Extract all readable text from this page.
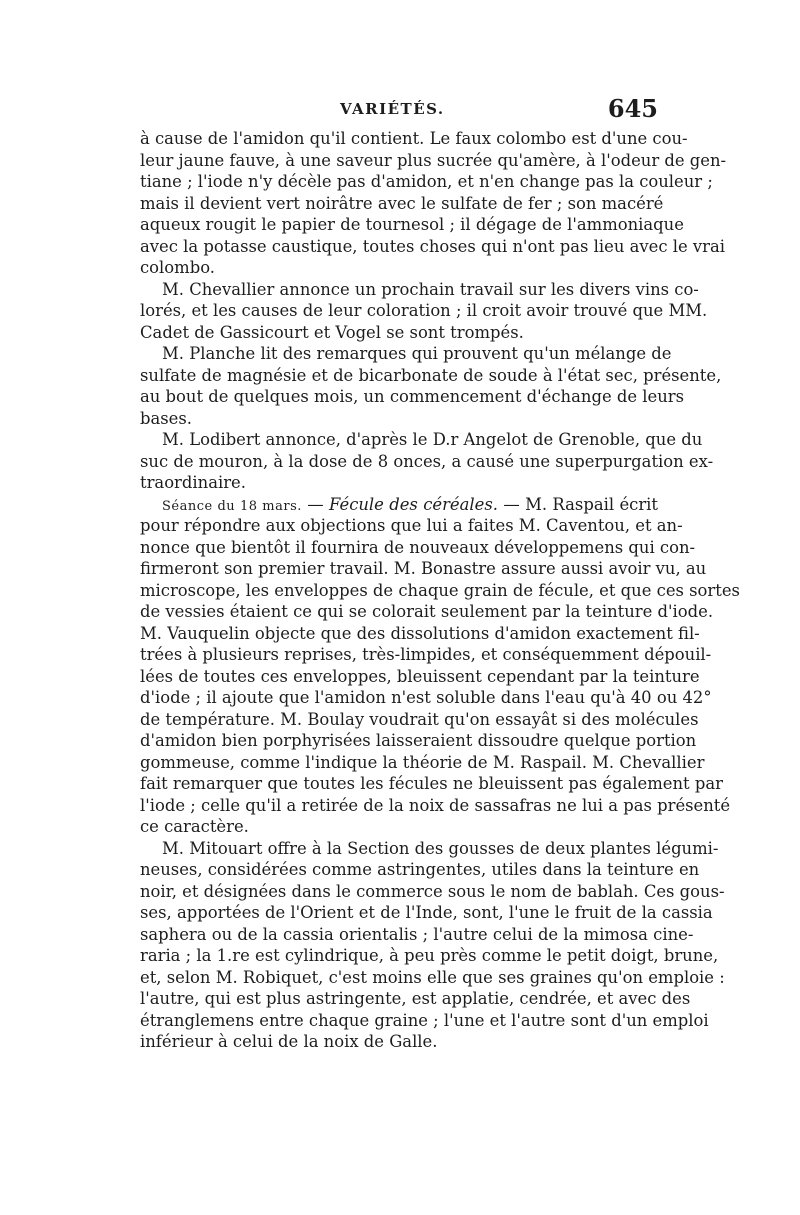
VARIÉTÉS.	645
à cause de l'amidon qu'il contient. Le faux colombo est d'une cou-
leur jaune fauve, à une saveur plus sucrée qu'amère, à l'odeur de gen-
tiane ; l'iode n'y décèle pas d'amidon, et n'en change pas la couleur ;
mais il devient vert noirâtre avec le sulfate de fer ; son macéré
aqueux rougit le papier de tournesol ; il dégage de l'ammoniaque
avec la potasse caustique, toutes choses qui n'ont pas lieu avec le vrai
colombo.
M. Chevallier annonce un prochain travail sur les divers vins co-
lorés, et les causes de leur coloration ; il croit avoir trouvé que MM.
Cadet de Gassicourt et Vogel se sont trompés.
M. Planche lit des remarques qui prouvent qu'un mélange de
sulfate de magnésie et de bicarbonate de soude à l'état sec, présente,
au bout de quelques mois, un commencement d'échange de leurs
bases.
M. Lodibert annonce, d'après le D.r Angelot de Grenoble, que du
suc de mouron, à la dose de 8 onces, a causé une superpurgation ex-
traordinaire.
Séance du 18 mars. — Fécule des céréales. — M. Raspail écrit
pour répondre aux objections que lui a faites M. Caventou, et an-
nonce que bientôt il fournira de nouveaux développemens qui con-
firmeront son premier travail. M. Bonastre assure aussi avoir vu, au
microscope, les enveloppes de chaque grain de fécule, et que ces sortes
de vessies étaient ce qui se colorait seulement par la teinture d'iode.
M. Vauquelin objecte que des dissolutions d'amidon exactement fil-
trées à plusieurs reprises, très-limpides, et conséquemment dépouil-
lées de toutes ces enveloppes, bleuissent cependant par la teinture
d'iode ; il ajoute que l'amidon n'est soluble dans l'eau qu'à 40 ou 42°
de température. M. Boulay voudrait qu'on essayât si des molécules
d'amidon bien porphyrisées laisseraient dissoudre quelque portion
gommeuse, comme l'indique la théorie de M. Raspail. M. Chevallier
fait remarquer que toutes les fécules ne bleuissent pas également par
l'iode ; celle qu'il a retirée de la noix de sassafras ne lui a pas présenté
ce caractère.
M. Mitouart offre à la Section des gousses de deux plantes légumi-
neuses, considérées comme astringentes, utiles dans la teinture en
noir, et désignées dans le commerce sous le nom de bablah. Ces gous-
ses, apportées de l'Orient et de l'Inde, sont, l'une le fruit de la cassia
saphera ou de la cassia orientalis ; l'autre celui de la mimosa cine-
raria ; la 1.re est cylindrique, à peu près comme le petit doigt, brune,
et, selon M. Robiquet, c'est moins elle que ses graines qu'on emploie :
l'autre, qui est plus astringente, est applatie, cendrée, et avec des
étranglemens entre chaque graine ; l'une et l'autre sont d'un emploi
inférieur à celui de la noix de Galle.
